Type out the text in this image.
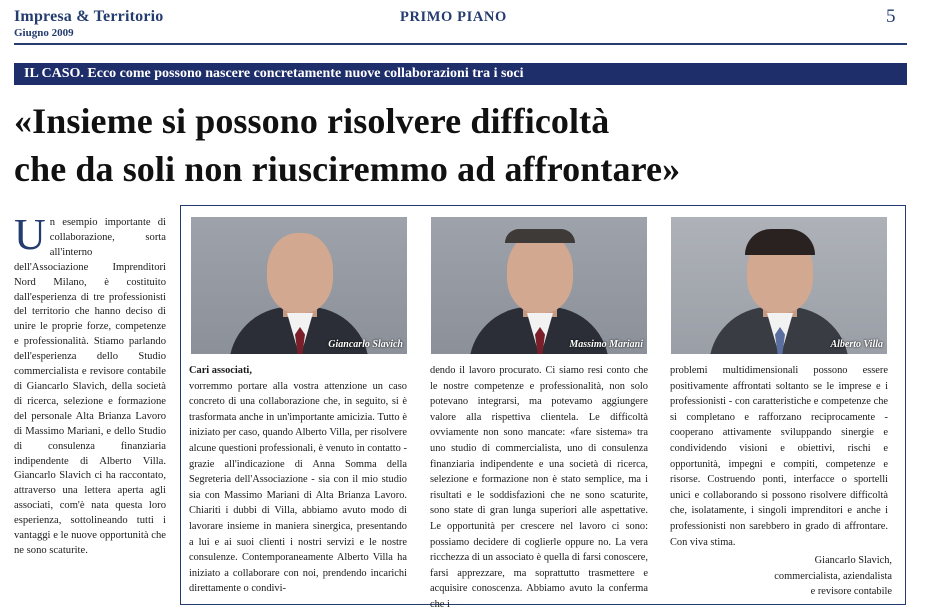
Impresa & Territorio
Giugno 2009
PRIMO PIANO	5
IL CASO. Ecco come possono nascere concretamente nuove collaborazioni tra i soci
«Insieme si possono risolvere difficoltà
che da soli non riusciremmo ad affrontare»
Un esempio importante di collaborazione, sorta all'interno dell'Associazione Imprenditori Nord Milano, è costituito dall'esperienza di tre professionisti del territorio che hanno deciso di unire le proprie forze, competenze e professionalità. Stiamo parlando dell'esperienza dello Studio commercialista e revisore contabile di Giancarlo Slavich, della società di ricerca, selezione e formazione del personale Alta Brianza Lavoro di Massimo Mariani, e dello Studio di consulenza finanziaria indipendente di Alberto Villa. Giancarlo Slavich ci ha raccontato, attraverso una lettera aperta agli associati, com'è nata questa loro esperienza, sottolineando tutti i vantaggi e le nuove opportunità che ne sono scaturite.
Giancarlo Slavich	Massimo Mariani	Alberto Villa
Cari associati,
vorremmo portare alla vostra attenzione un caso concreto di una collaborazione che, in seguito, si è trasformata anche in un'importante amicizia. Tutto è iniziato per caso, quando Alberto Villa, per risolvere alcune questioni professionali, è venuto in contatto - grazie all'indicazione di Anna Somma della Segreteria dell'Associazione - sia con il mio studio sia con Massimo Mariani di Alta Brianza Lavoro. Chiariti i dubbi di Villa, abbiamo avuto modo di lavorare insieme in maniera sinergica, presentando a lui e ai suoi clienti i nostri servizi e le nostre consulenze. Contemporaneamente Alberto Villa ha iniziato a collaborare con noi, prendendo incarichi direttamente o condivi-
dendo il lavoro procurato. Ci siamo resi conto che le nostre competenze e professionalità, non solo potevano integrarsi, ma potevamo aggiungere valore alla rispettiva clientela. Le difficoltà ovviamente non sono mancate: «fare sistema» tra uno studio di commercialista, uno di consulenza finanziaria indipendente e una società di ricerca, selezione e formazione non è stato semplice, ma i risultati e le soddisfazioni che ne sono scaturite, sono state di gran lunga superiori alle aspettative. Le opportunità per crescere nel lavoro ci sono: possiamo decidere di coglierle oppure no. La vera ricchezza di un associato è quella di farsi conoscere, farsi apprezzare, ma soprattutto trasmettere e acquisire conoscenza. Abbiamo avuto la conferma che i
problemi multidimensionali possono essere positivamente affrontati soltanto se le imprese e i professionisti - con caratteristiche e competenze che si completano e rafforzano reciprocamente - cooperano attivamente sviluppando sinergie e condividendo visioni e obiettivi, rischi e opportunità, impegni e compiti, competenze e risorse. Costruendo ponti, interfacce o sportelli unici e collaborando si possono risolvere difficoltà che, isolatamente, i singoli imprenditori e anche i professionisti non sarebbero in grado di affrontare. Con viva stima.
Giancarlo Slavich,
commercialista, aziendalista
e revisore contabile
